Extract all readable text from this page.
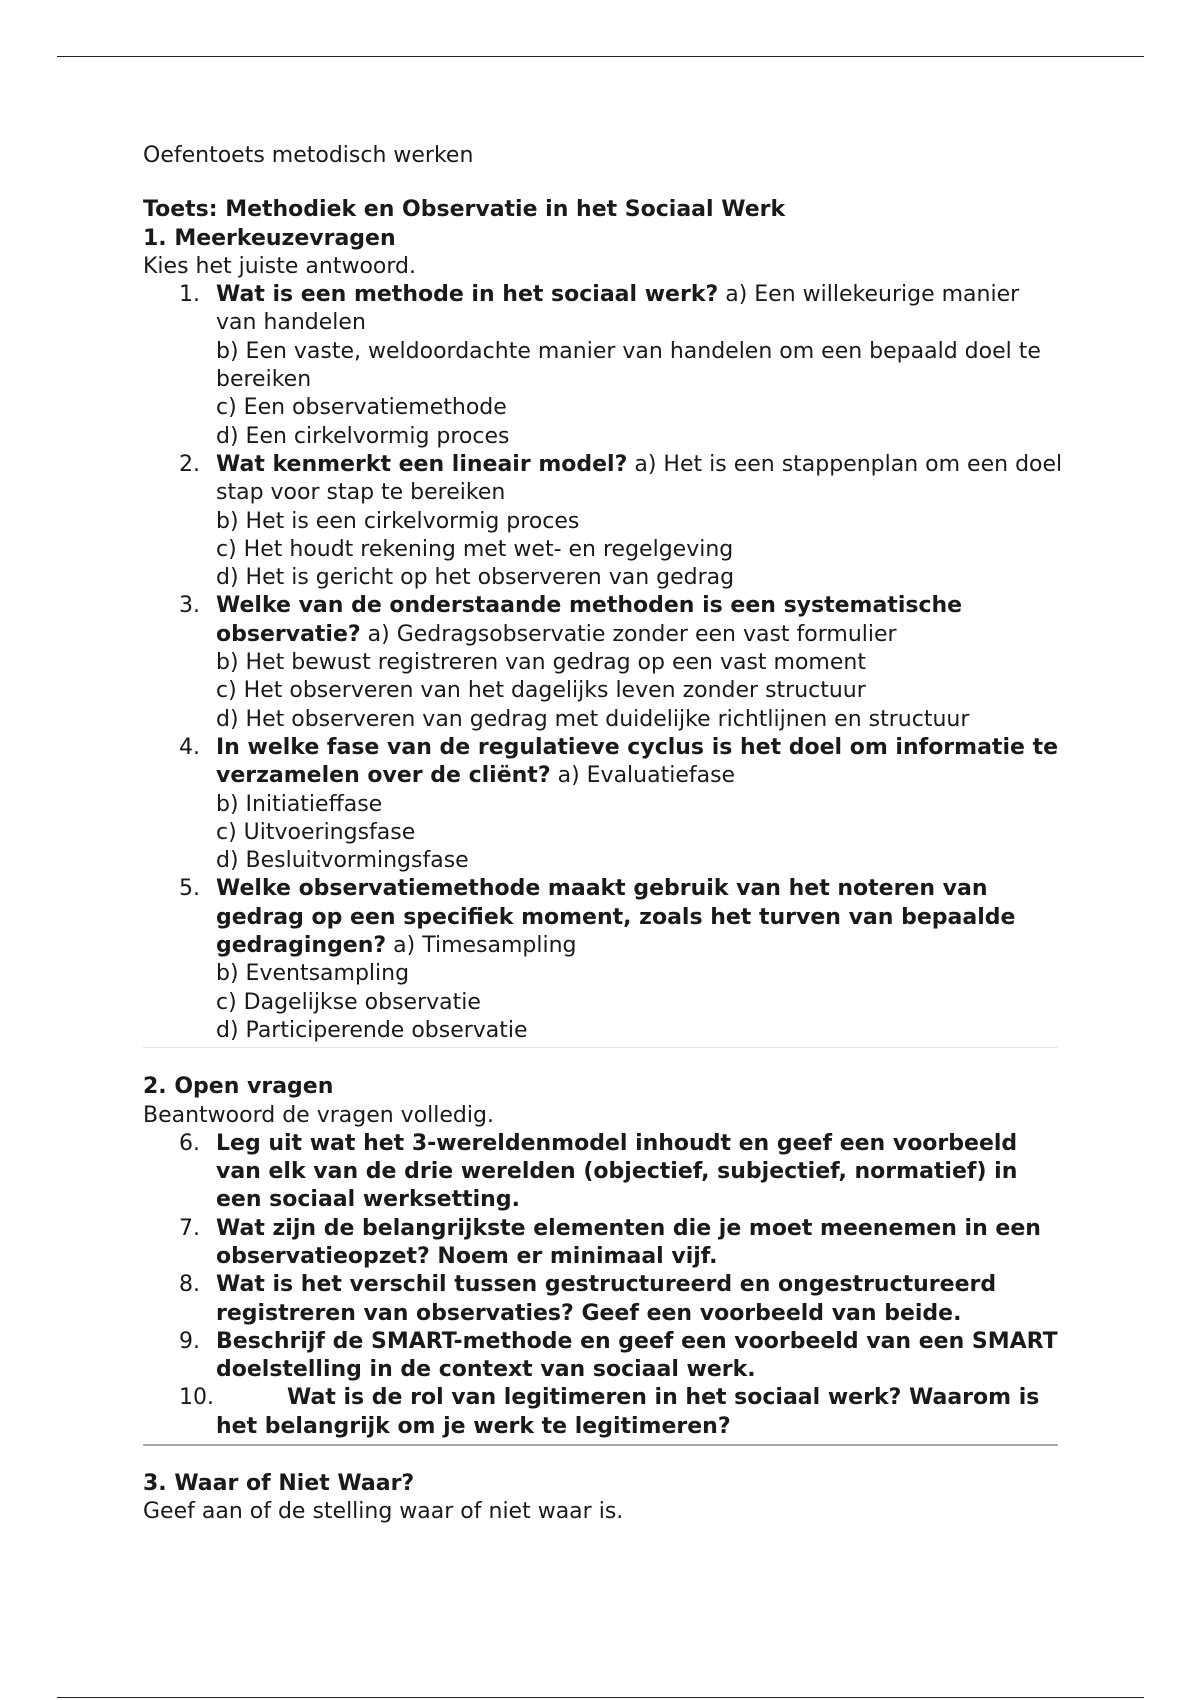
Oefentoets metodisch werken

Toets: Methodiek en Observatie in het Sociaal Werk

1. Meerkeuzevragen

Kies het juiste antwoord.

1. Wat is een methode in het sociaal werk? a) Een willekeurige manier van handelen
b) Een vaste, weldoordachte manier van handelen om een bepaald doel te bereiken
c) Een observatiemethode
d) Een cirkelvormig proces
2. Wat kenmerkt een lineair model? a) Het is een stappenplan om een doel stap voor stap te bereiken
b) Het is een cirkelvormig proces
c) Het houdt rekening met wet- en regelgeving
d) Het is gericht op het observeren van gedrag
3. Welke van de onderstaande methoden is een systematische observatie? a) Gedragsobservatie zonder een vast formulier
b) Het bewust registreren van gedrag op een vast moment
c) Het observeren van het dagelijks leven zonder structuur
d) Het observeren van gedrag met duidelijke richtlijnen en structuur
4. In welke fase van de regulatieve cyclus is het doel om informatie te verzamelen over de cliënt? a) Evaluatiefase
b) Initiatieffase
c) Uitvoeringsfase
d) Besluitvormingsfase
5. Welke observatiemethode maakt gebruik van het noteren van gedrag op een specifiek moment, zoals het turven van bepaalde gedragingen? a) Timesampling
b) Eventsampling
c) Dagelijkse observatie
d) Participerende observatie

2. Open vragen

Beantwoord de vragen volledig.

6. Leg uit wat het 3-wereldenmodel inhoudt en geef een voorbeeld van elk van de drie werelden (objectief, subjectief, normatief) in een sociaal werksetting.
7. Wat zijn de belangrijkste elementen die je moet meenemen in een observatieopzet? Noem er minimaal vijf.
8. Wat is het verschil tussen gestructureerd en ongestructureerd registreren van observaties? Geef een voorbeeld van beide.
9. Beschrijf de SMART-methode en geef een voorbeeld van een SMART doelstelling in de context van sociaal werk.
10.	Wat is de rol van legitimeren in het sociaal werk? Waarom is het belangrijk om je werk te legitimeren?

3. Waar of Niet Waar?

Geef aan of de stelling waar of niet waar is.
